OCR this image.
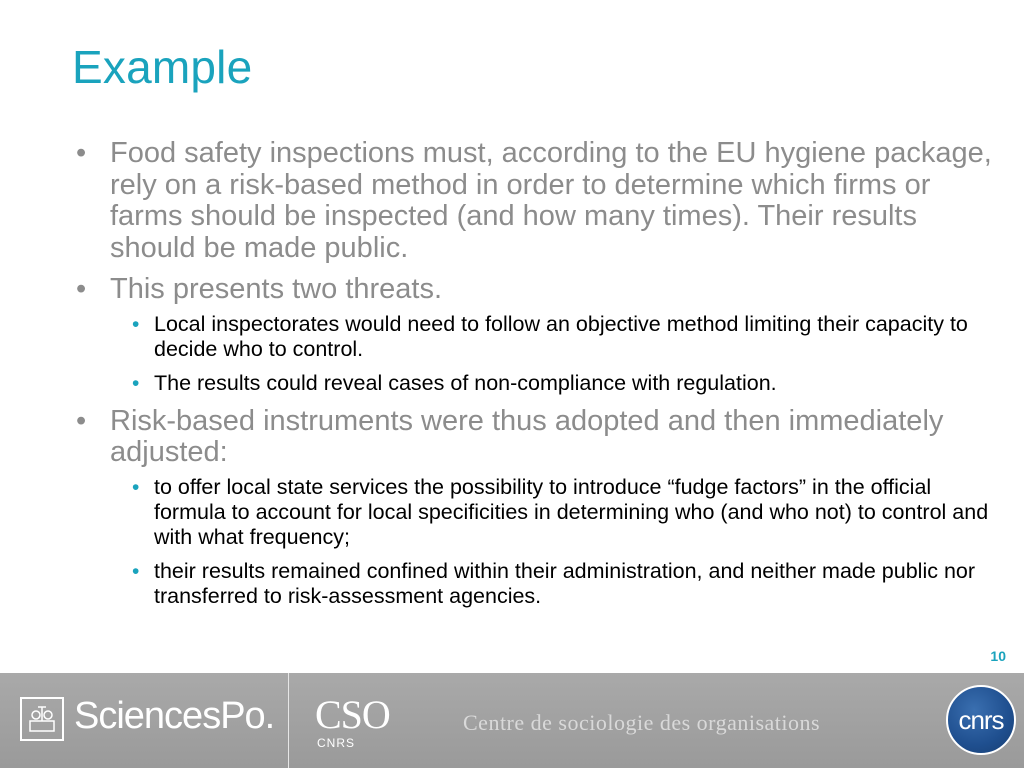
Example
• Food safety inspections must, according to the EU hygiene package, rely on a risk-based method in order to determine which firms or farms should be inspected (and how many times). Their results should be made public.
• This presents two threats.
• Local inspectorates would need to follow an objective method limiting their capacity to decide who to control.
• The results could reveal cases of non-compliance with regulation.
• Risk-based instruments were thus adopted and then immediately adjusted:
• to offer local state services the possibility to introduce “fudge factors” in the official formula to account for local specificities in determining who (and who not) to control and with what frequency;
• their results remained confined within their administration, and neither made public nor transferred to risk-assessment agencies.
10
SciencesPo. CSO
CNRS
Centre de sociologie des organisations	cnrs
